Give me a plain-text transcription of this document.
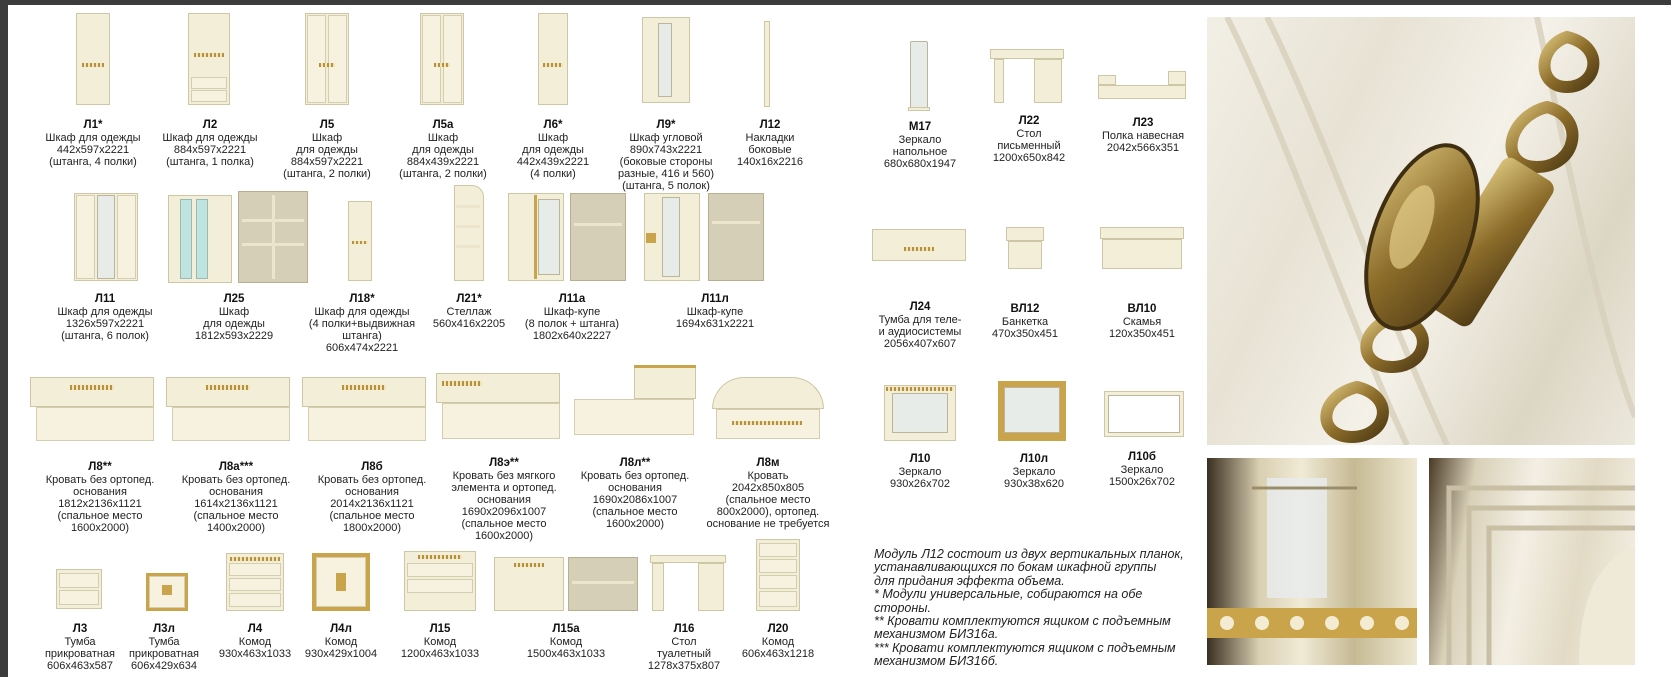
Л1*
Шкаф для одежды
442x597x2221
(штанга, 4 полки)
Л2
Шкаф для одежды
884x597x2221
(штанга, 1 полка)
Л5
Шкаф
для одежды
884x597x2221
(штанга, 2 полки)
Л5а
Шкаф
для одежды
884x439x2221
(штанга, 2 полки)
Л6*
Шкаф
для одежды
442x439x2221
(4 полки)
Л9*
Шкаф угловой
890x743x2221
(боковые стороны
разные, 416 и 560)
(штанга, 5 полок)
Л12
Накладки
боковые
140x16x2216
М17
Зеркало
напольное
680x680x1947
Л22
Стол
письменный
1200x650x842
Л23
Полка навесная
2042x566x351
Л11
Шкаф для одежды
1326x597x2221
(штанга, 6 полок)
Л25
Шкаф
для одежды
1812x593x2229
Л18*
Шкаф для одежды
(4 полки+выдвижная
штанга)
606x474x2221
Л21*
Стеллаж
560x416x2205
Л11а
Шкаф-купе
(8 полок + штанга)
1802x640x2227
Л11л
Шкаф-купе
1694x631x2221
Л24
Тумба для теле-
и аудиосистемы
2056x407x607
ВЛ12
Банкетка
470x350x451
ВЛ10
Скамья
120x350x451
Л8**
Кровать без ортопед.
основания
1812x2136x1121
(спальное место
1600x2000)
Л8а***
Кровать без ортопед.
основания
1614x2136x1121
(спальное место
1400x2000)
Л8б
Кровать без ортопед.
основания
2014x2136x1121
(спальное место
1800x2000)
Л8э**
Кровать без мягкого
элемента и ортопед.
основания
1690x2096x1007
(спальное место
1600x2000)
Л8л**
Кровать без ортопед.
основания
1690x2086x1007
(спальное место
1600x2000)
Л8м
Кровать
2042x850x805
(спальное место
800x2000), ортопед.
основание не требуется
Л10
Зеркало
930x26x702
Л10л
Зеркало
930x38x620
Л10б
Зеркало
1500x26x702
Л3
Тумба
прикроватная
606x463x587
Л3л
Тумба
прикроватная
606x429x634
Л4
Комод
930x463x1033
Л4л
Комод
930x429x1004
Л15
Комод
1200x463x1033
Л15а
Комод
1500x463x1033
Л16
Стол
туалетный
1278x375x807
Л20
Комод
606x463x1218
Модуль Л12 состоит из двух вертикальных планок,
устанавливающихся по бокам шкафной группы
для придания эффекта объема.
* Модули универсальные, собираются на обе
стороны.
** Кровати комплектуются ящиком с подъемным
механизмом БИЗ16а.
*** Кровати комплектуются ящиком с подъемным
механизмом БИЗ16б.
